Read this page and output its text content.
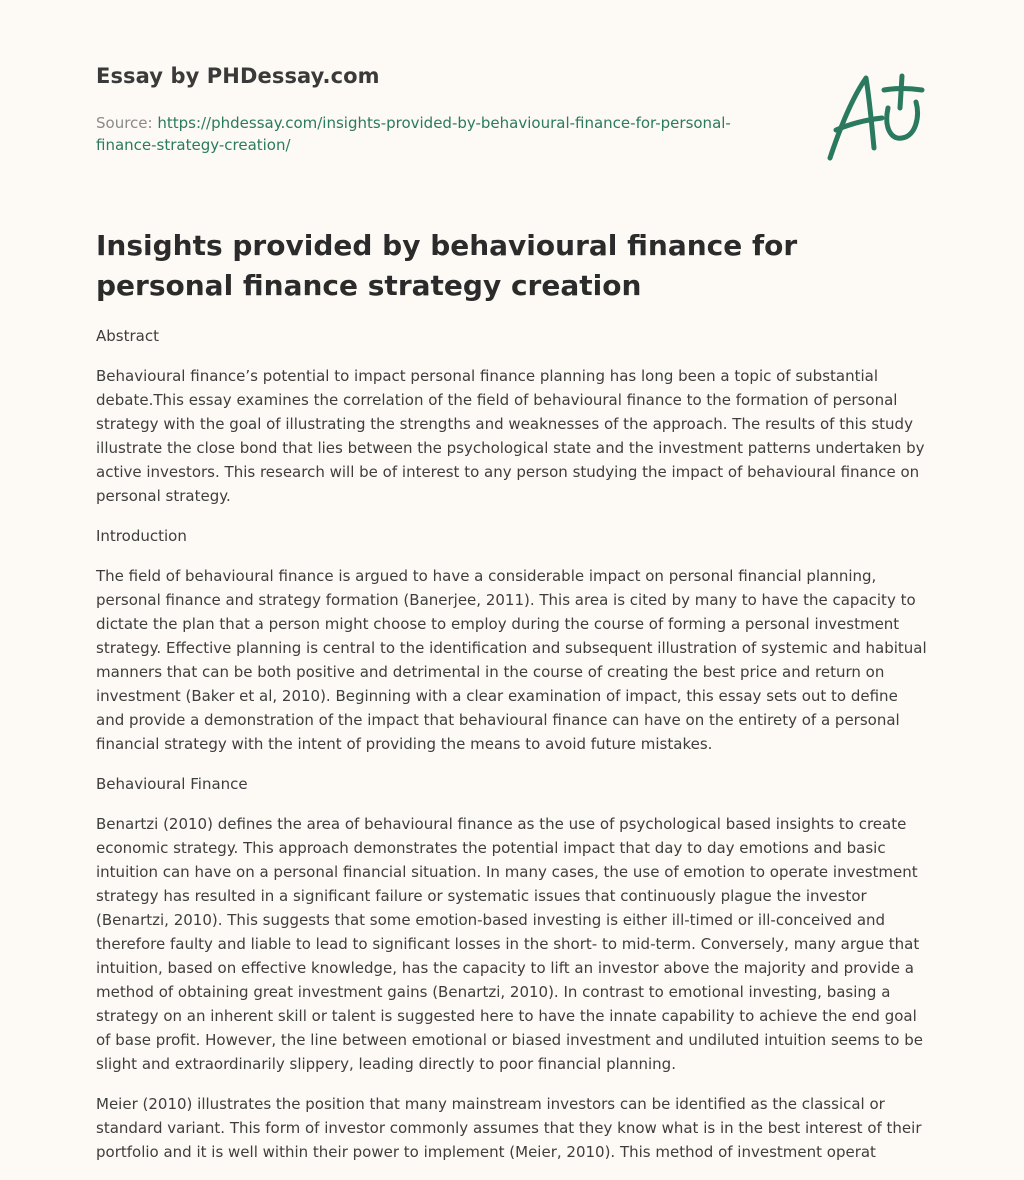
Essay by PHDessay.com
Source: https://phdessay.com/insights-provided-by-behavioural-finance-for-personal-finance-strategy-creation/
Insights provided by behavioural finance for personal finance strategy creation

Abstract

Behavioural finance’s potential to impact personal finance planning has long been a topic of substantial debate.This essay examines the correlation of the field of behavioural finance to the formation of personal strategy with the goal of illustrating the strengths and weaknesses of the approach. The results of this study illustrate the close bond that lies between the psychological state and the investment patterns undertaken by active investors. This research will be of interest to any person studying the impact of behavioural finance on personal strategy.

Introduction

The field of behavioural finance is argued to have a considerable impact on personal financial planning, personal finance and strategy formation (Banerjee, 2011). This area is cited by many to have the capacity to dictate the plan that a person might choose to employ during the course of forming a personal investment strategy. Effective planning is central to the identification and subsequent illustration of systemic and habitual manners that can be both positive and detrimental in the course of creating the best price and return on investment (Baker et al, 2010). Beginning with a clear examination of impact, this essay sets out to define and provide a demonstration of the impact that behavioural finance can have on the entirety of a personal financial strategy with the intent of providing the means to avoid future mistakes.

Behavioural Finance

Benartzi (2010) defines the area of behavioural finance as the use of psychological based insights to create economic strategy. This approach demonstrates the potential impact that day to day emotions and basic intuition can have on a personal financial situation. In many cases, the use of emotion to operate investment strategy has resulted in a significant failure or systematic issues that continuously plague the investor (Benartzi, 2010). This suggests that some emotion-based investing is either ill-timed or ill-conceived and therefore faulty and liable to lead to significant losses in the short- to mid-term. Conversely, many argue that intuition, based on effective knowledge, has the capacity to lift an investor above the majority and provide a method of obtaining great investment gains (Benartzi, 2010). In contrast to emotional investing, basing a strategy on an inherent skill or talent is suggested here to have the innate capability to achieve the end goal of base profit. However, the line between emotional or biased investment and undiluted intuition seems to be slight and extraordinarily slippery, leading directly to poor financial planning.

Meier (2010) illustrates the position that many mainstream investors can be identified as the classical or standard variant. This form of investor commonly assumes that they know what is in the best interest of their portfolio and it is well within their power to implement (Meier, 2010). This method of investment operat
